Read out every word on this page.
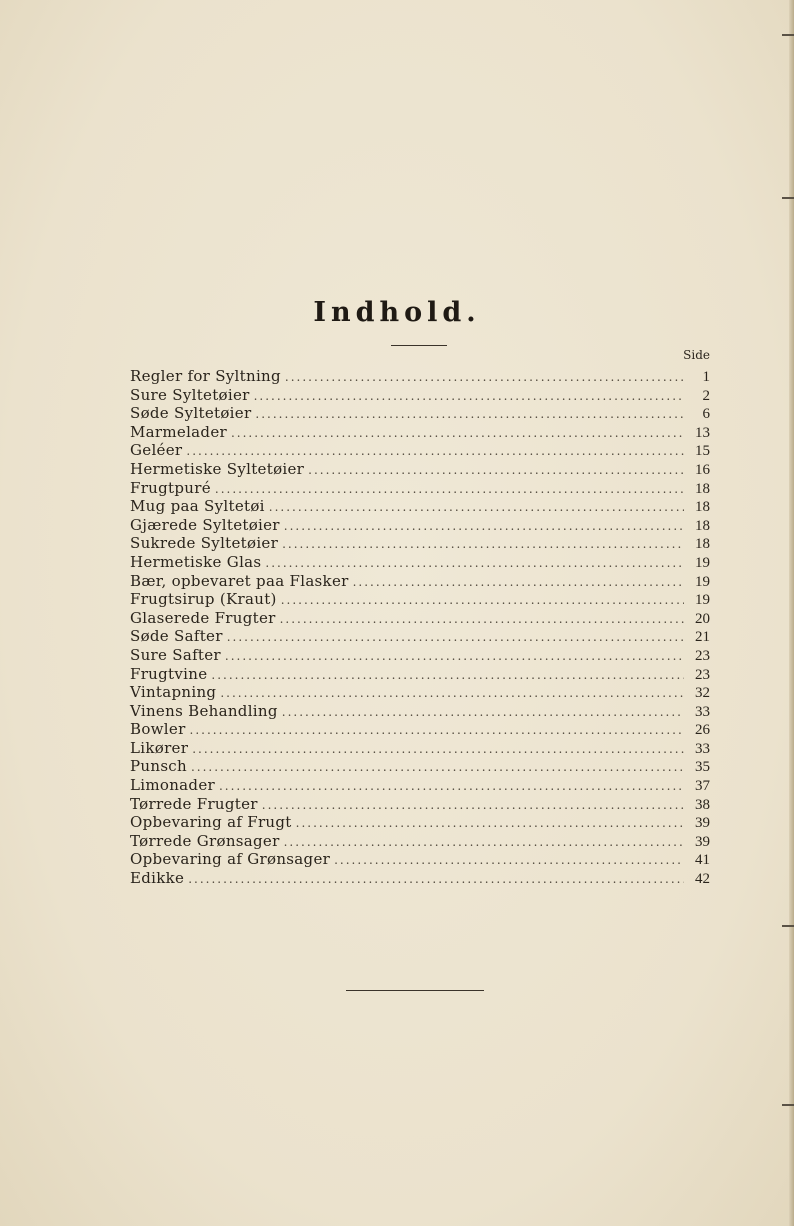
Indhold.
Side
Regler for Syltning .....	1
Sure Syltetøier .....	2
Søde Syltetøier .....	6
Marmelader .....	13
Geléer .....	15
Hermetiske Syltetøier .....	16
Frugtpuré .....	18
Mug paa Syltetøi .....	18
Gjærede Syltetøier .....	18
Sukrede Syltetøier .....	18
Hermetiske Glas .....	19
Bær, opbevaret paa Flasker .....	19
Frugtsirup (Kraut) .....	19
Glaserede Frugter .....	20
Søde Safter .....	21
Sure Safter .....	23
Frugtvine .....	23
Vintapning .....	32
Vinens Behandling .....	33
Bowler .....	26
Likører .....	33
Punsch .....	35
Limonader .....	37
Tørrede Frugter .....	38
Opbevaring af Frugt .....	39
Tørrede Grønsager .....	39
Opbevaring af Grønsager .....	41
Edikke .....	42
